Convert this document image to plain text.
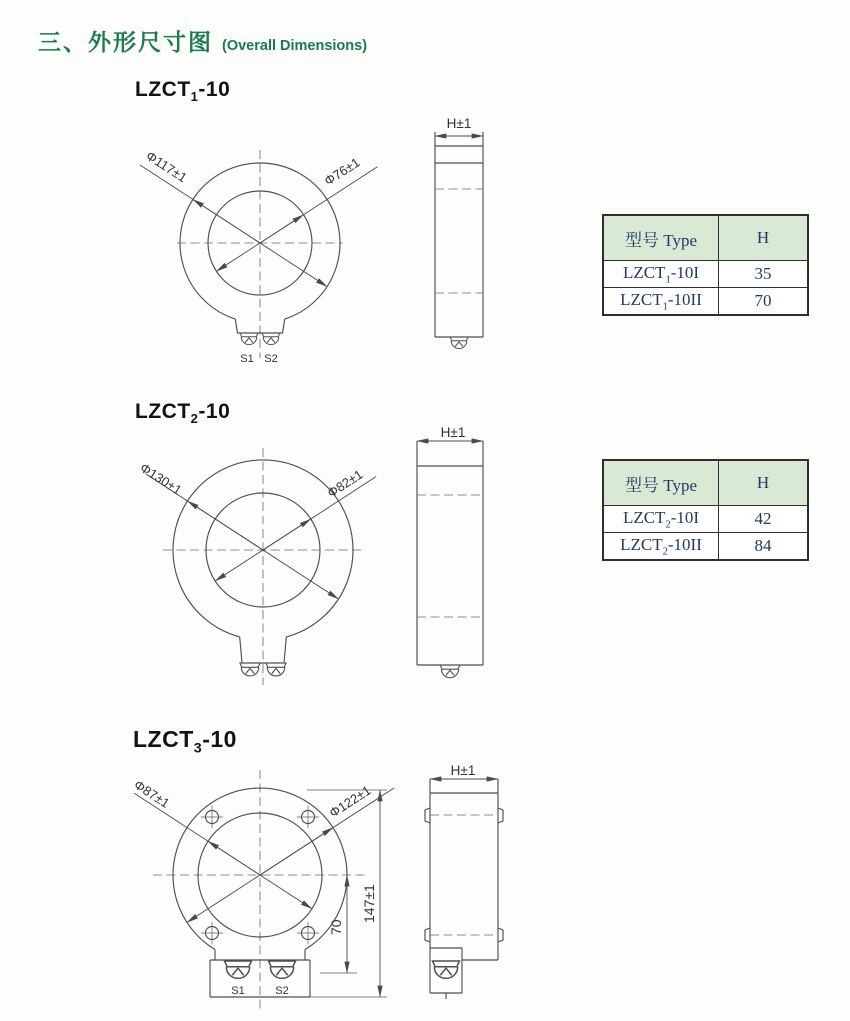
三、外形尺寸图 (Overall Dimensions)
$LZCT_1-10$
Φ117±1	Φ76±1
S1 S2
H±1
型号 Type	H
$LZCT_1-10I$	35
$LZCT_1-10II$	70
$LZCT_2-10$
Φ130±1	Φ82±1
H±1
型号 Type	H
$LZCT_2-10I$	42
$LZCT_2-10II$	84
$LZCT_3-10$
S1	S2
Φ87±1	Φ122±1
70
147±1
H±1
